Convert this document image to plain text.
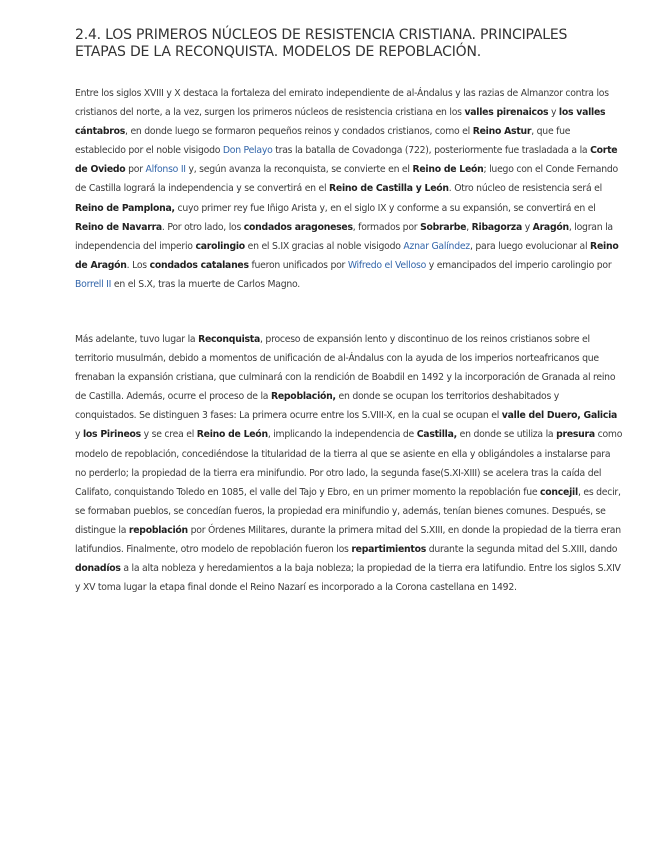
2.4. LOS PRIMEROS NÚCLEOS DE RESISTENCIA CRISTIANA. PRINCIPALES ETAPAS DE LA RECONQUISTA. MODELOS DE REPOBLACIÓN.

Entre los siglos XVIII y X destaca la fortaleza del emirato independiente de al-Ándalus y las razias de Almanzor contra los cristianos del norte, a la vez, surgen los primeros núcleos de resistencia cristiana en los valles pirenaicos y los valles cántabros, en donde luego se formaron pequeños reinos y condados cristianos, como el Reino Astur, que fue establecido por el noble visigodo Don Pelayo tras la batalla de Covadonga (722), posteriormente fue trasladada a la Corte de Oviedo por Alfonso II y, según avanza la reconquista, se convierte en el Reino de León; luego con el Conde Fernando de Castilla logrará la independencia y se convertirá en el Reino de Castilla y León. Otro núcleo de resistencia será el Reino de Pamplona, cuyo primer rey fue Iñigo Arista y, en el siglo IX y conforme a su expansión, se convertirá en el Reino de Navarra. Por otro lado, los condados aragoneses, formados por Sobrarbe, Ribagorza y Aragón, logran la independencia del imperio carolingio en el S.IX gracias al noble visigodo Aznar Galíndez, para luego evolucionar al Reino de Aragón. Los condados catalanes fueron unificados por Wifredo el Velloso y emancipados del imperio carolingio por Borrell II en el S.X, tras la muerte de Carlos Magno.

Más adelante, tuvo lugar la Reconquista, proceso de expansión lento y discontinuo de los reinos cristianos sobre el territorio musulmán, debido a momentos de unificación de al-Ándalus con la ayuda de los imperios norteafricanos que frenaban la expansión cristiana, que culminará con la rendición de Boabdil en 1492 y la incorporación de Granada al reino de Castilla. Además, ocurre el proceso de la Repoblación, en donde se ocupan los territorios deshabitados y conquistados. Se distinguen 3 fases: La primera ocurre entre los S.VIII-X, en la cual se ocupan el valle del Duero, Galicia y los Pirineos y se crea el Reino de León, implicando la independencia de Castilla, en donde se utiliza la presura como modelo de repoblación, concediéndose la titularidad de la tierra al que se asiente en ella y obligándoles a instalarse para no perderlo; la propiedad de la tierra era minifundio. Por otro lado, la segunda fase(S.XI-XIII) se acelera tras la caída del Califato, conquistando Toledo en 1085, el valle del Tajo y Ebro, en un primer momento la repoblación fue concejil, es decir, se formaban pueblos, se concedían fueros, la propiedad era minifundio y, además, tenían bienes comunes. Después, se distingue la repoblación por Órdenes Militares, durante la primera mitad del S.XIII, en donde la propiedad de la tierra eran latifundios. Finalmente, otro modelo de repoblación fueron los repartimientos durante la segunda mitad del S.XIII, dando donadíos a la alta nobleza y heredamientos a la baja nobleza; la propiedad de la tierra era latifundio. Entre los siglos S.XIV y XV toma lugar la etapa final donde el Reino Nazarí es incorporado a la Corona castellana en 1492.
